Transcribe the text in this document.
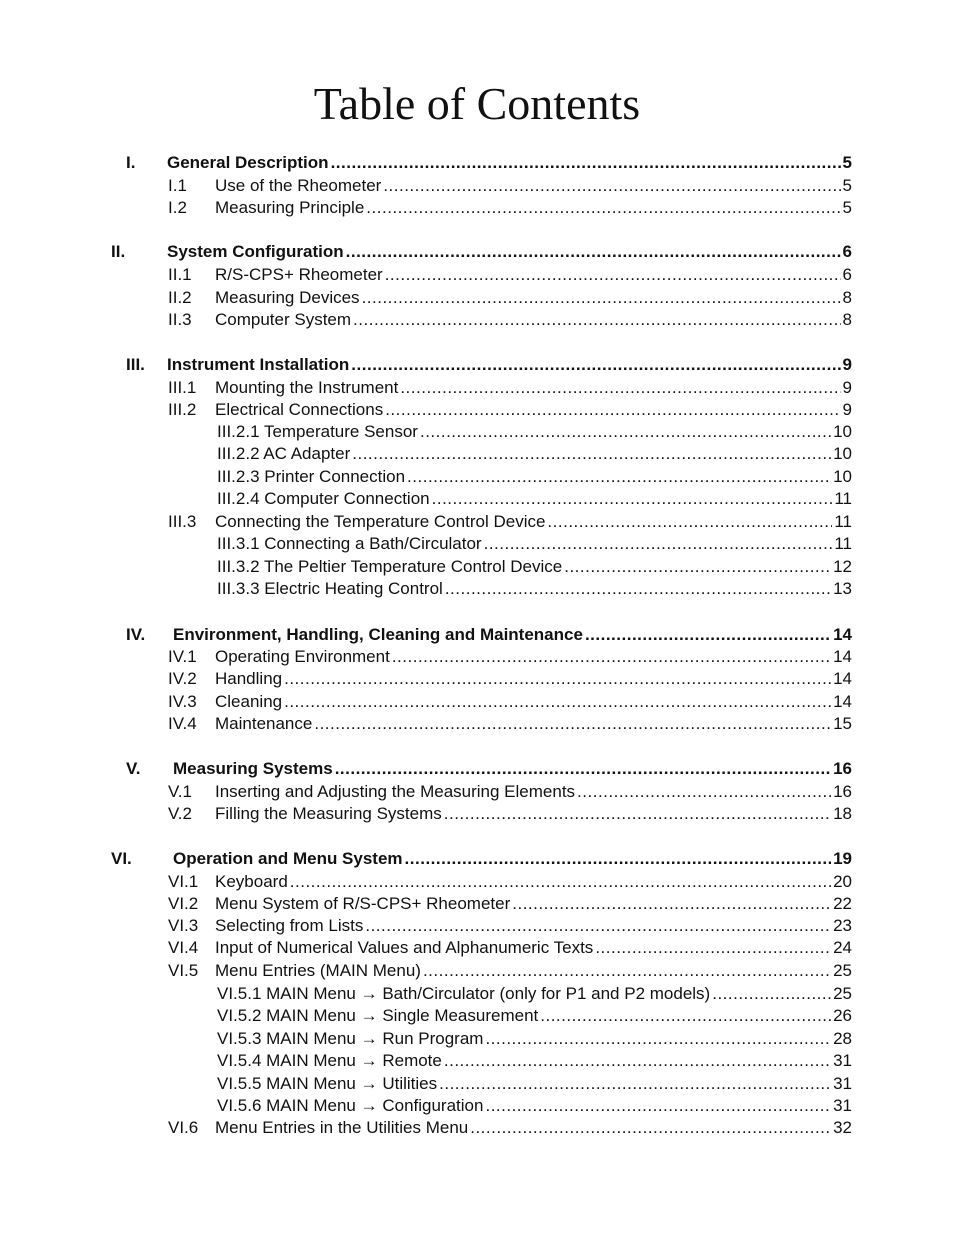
Table of Contents
I. General Description .....	5
I.1 Use of the Rheometer .....	5
I.2 Measuring Principle .....	5
II. System Configuration .....	6
II.1 R/S-CPS+ Rheometer .....	6
II.2 Measuring Devices .....	8
II.3 Computer System .....	8
III. Instrument Installation .....	9
III.1 Mounting the Instrument .....	9
III.2 Electrical Connections .....	9
III.2.1 Temperature Sensor .....	10
III.2.2 AC Adapter .....	10
III.2.3 Printer Connection .....	10
III.2.4 Computer Connection .....	11
III.3 Connecting the Temperature Control Device .....	11
III.3.1 Connecting a Bath/Circulator .....	11
III.3.2 The Peltier Temperature Control Device .....	12
III.3.3 Electric Heating Control .....	13
IV. Environment, Handling, Cleaning and Maintenance .....	14
IV.1 Operating Environment .....	14
IV.2 Handling .....	14
IV.3 Cleaning .....	14
IV.4 Maintenance .....	15
V. Measuring Systems .....	16
V.1 Inserting and Adjusting the Measuring Elements .....	16
V.2 Filling the Measuring Systems .....	18
VI. Operation and Menu System .....	19
VI.1 Keyboard .....	20
VI.2 Menu System of R/S-CPS+ Rheometer .....	22
VI.3 Selecting from Lists .....	23
VI.4 Input of Numerical Values and Alphanumeric Texts .....	24
VI.5 Menu Entries (MAIN Menu) .....	25
VI.5.1 MAIN Menu → Bath/Circulator (only for P1 and P2 models) .....	25
VI.5.2 MAIN Menu → Single Measurement .....	26
VI.5.3 MAIN Menu → Run Program .....	28
VI.5.4 MAIN Menu → Remote .....	31
VI.5.5 MAIN Menu → Utilities .....	31
VI.5.6 MAIN Menu → Configuration .....	31
VI.6 Menu Entries in the Utilities Menu .....	32
